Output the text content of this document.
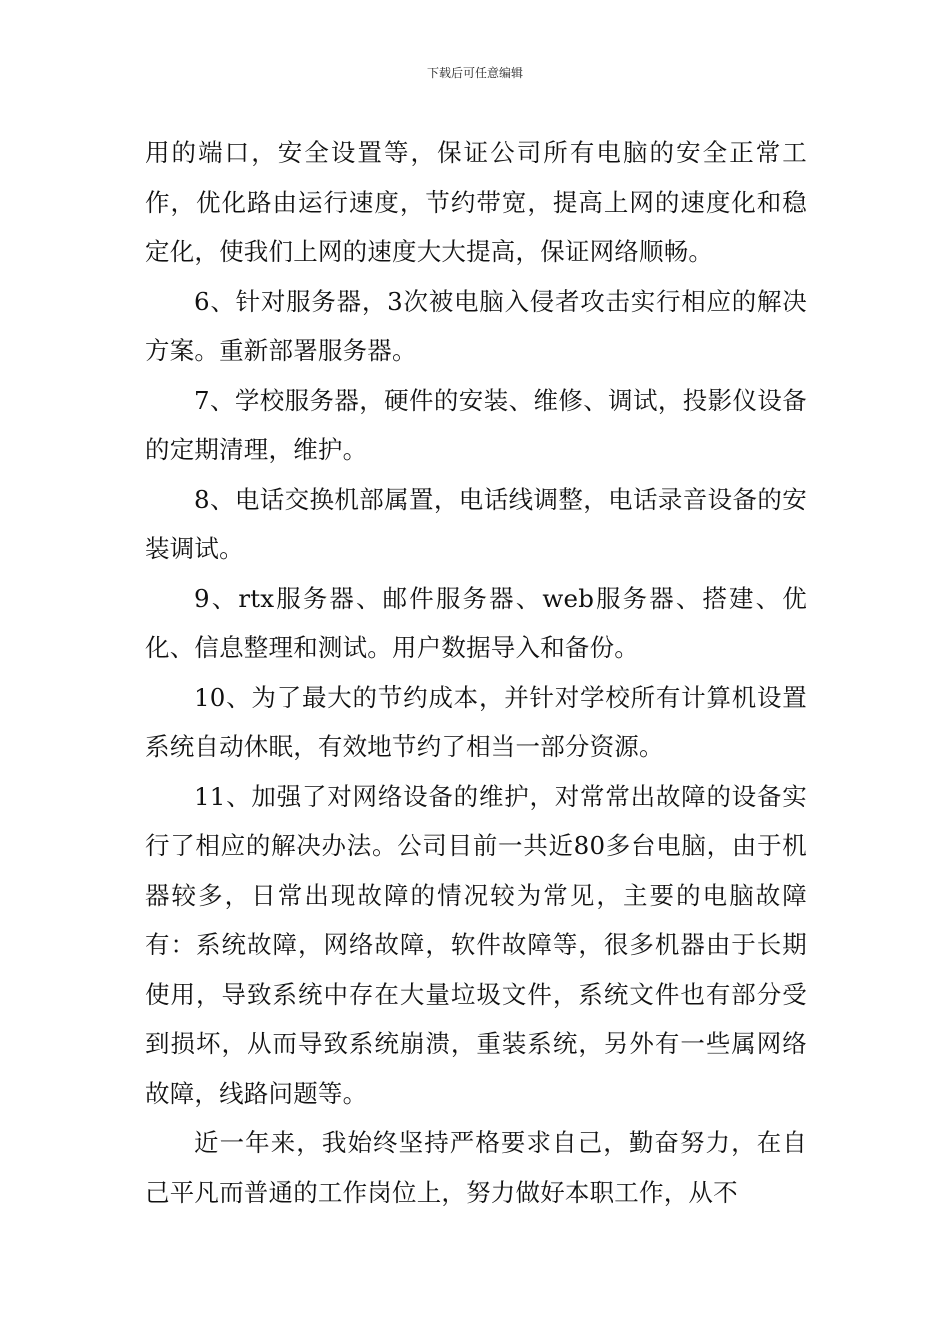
下载后可任意编辑

用的端口，安全设置等，保证公司所有电脑的安全正常工作，优化路由运行速度，节约带宽，提高上网的速度化和稳定化，使我们上网的速度大大提高，保证网络顺畅。

6、针对服务器，3次被电脑入侵者攻击实行相应的解决方案。重新部署服务器。

7、学校服务器，硬件的安装、维修、调试，投影仪设备的定期清理，维护。

8、电话交换机部属置，电话线调整，电话录音设备的安装调试。

9、rtx服务器、邮件服务器、web服务器、搭建、优化、信息整理和测试。用户数据导入和备份。

10、为了最大的节约成本，并针对学校所有计算机设置系统自动休眠，有效地节约了相当一部分资源。

11、加强了对网络设备的维护，对常常出故障的设备实行了相应的解决办法。公司目前一共近80多台电脑，由于机器较多，日常出现故障的情况较为常见，主要的电脑故障有：系统故障，网络故障，软件故障等，很多机器由于长期使用，导致系统中存在大量垃圾文件，系统文件也有部分受到损坏，从而导致系统崩溃，重装系统，另外有一些属网络故障，线路问题等。

近一年来，我始终坚持严格要求自己，勤奋努力，在自己平凡而普通的工作岗位上，努力做好本职工作，从不
